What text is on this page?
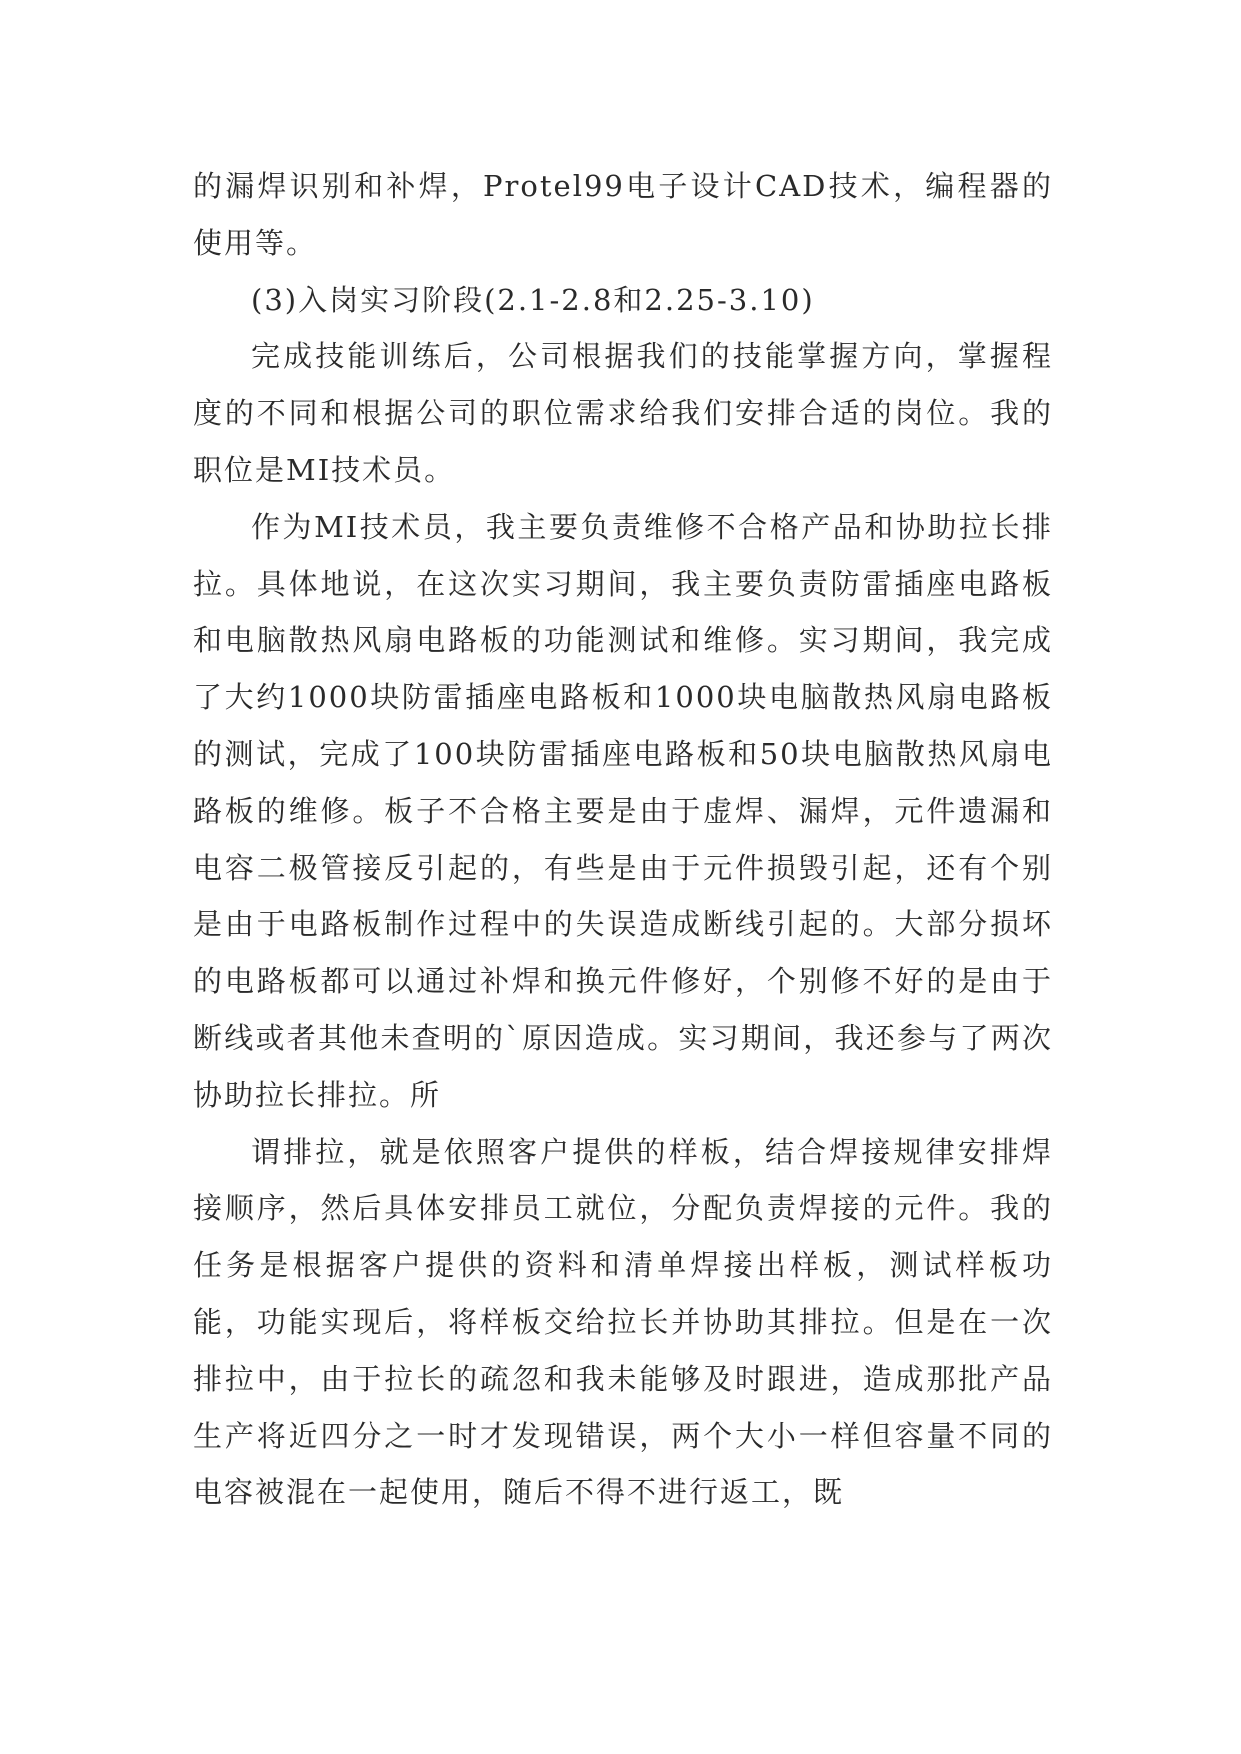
的漏焊识别和补焊，Protel99电子设计CAD技术，编程器的使用等。

(3)入岗实习阶段(2.1-2.8和2.25-3.10)

完成技能训练后，公司根据我们的技能掌握方向，掌握程度的不同和根据公司的职位需求给我们安排合适的岗位。我的职位是MI技术员。

作为MI技术员，我主要负责维修不合格产品和协助拉长排拉。具体地说，在这次实习期间，我主要负责防雷插座电路板和电脑散热风扇电路板的功能测试和维修。实习期间，我完成了大约1000块防雷插座电路板和1000块电脑散热风扇电路板的测试，完成了100块防雷插座电路板和50块电脑散热风扇电路板的维修。板子不合格主要是由于虚焊、漏焊，元件遗漏和电容二极管接反引起的，有些是由于元件损毁引起，还有个别是由于电路板制作过程中的失误造成断线引起的。大部分损坏的电路板都可以通过补焊和换元件修好，个别修不好的是由于断线或者其他未查明的`原因造成。实习期间，我还参与了两次协助拉长排拉。所

谓排拉，就是依照客户提供的样板，结合焊接规律安排焊接顺序，然后具体安排员工就位，分配负责焊接的元件。我的任务是根据客户提供的资料和清单焊接出样板，测试样板功能，功能实现后，将样板交给拉长并协助其排拉。但是在一次排拉中，由于拉长的疏忽和我未能够及时跟进，造成那批产品生产将近四分之一时才发现错误，两个大小一样但容量不同的电容被混在一起使用，随后不得不进行返工，既
